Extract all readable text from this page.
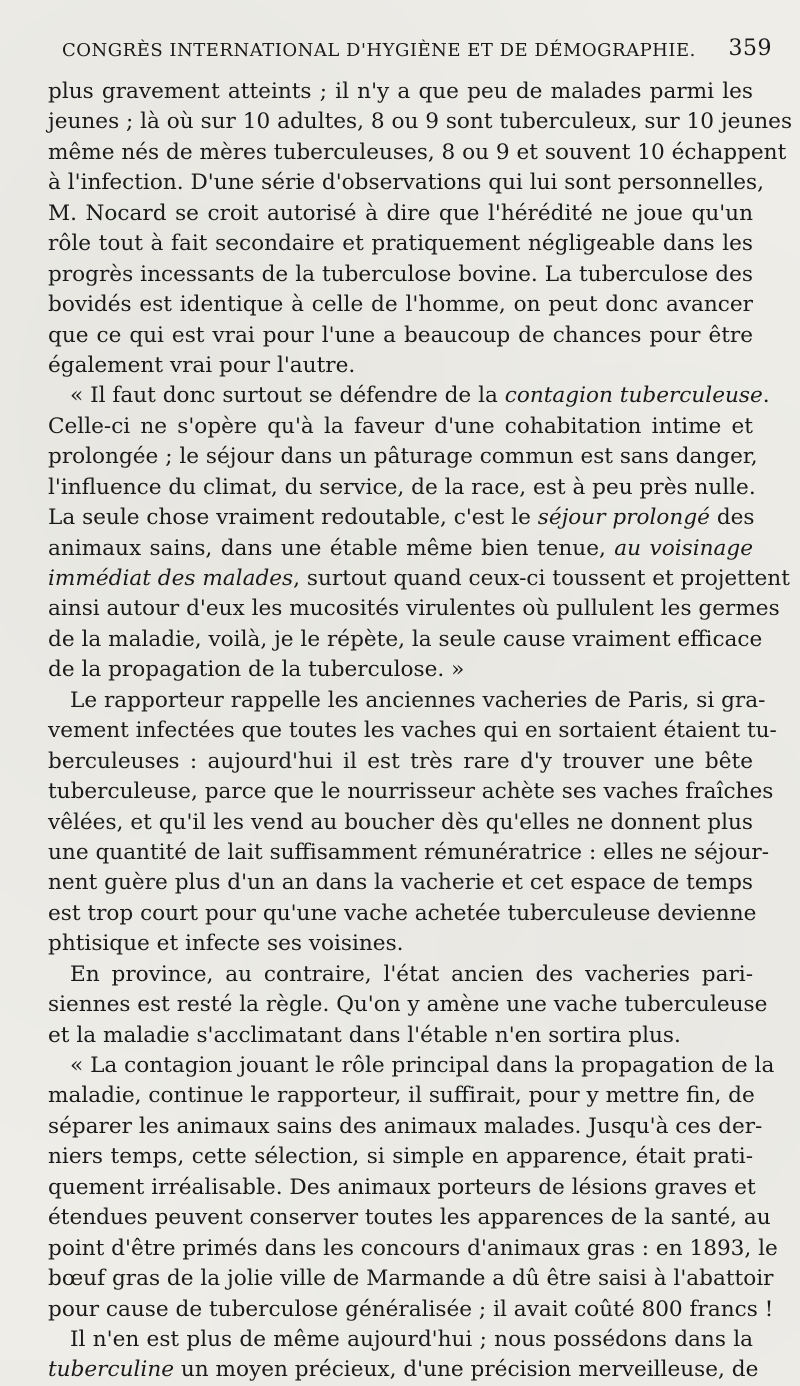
CONGRÈS INTERNATIONAL D'HYGIÈNE ET DE DÉMOGRAPHIE. 359
plus gravement atteints ; il n'y a que peu de malades parmi les
jeunes ; là où sur 10 adultes, 8 ou 9 sont tuberculeux, sur 10 jeunes
même nés de mères tuberculeuses, 8 ou 9 et souvent 10 échappent
à l'infection. D'une série d'observations qui lui sont personnelles,
M. Nocard se croit autorisé à dire que l'hérédité ne joue qu'un
rôle tout à fait secondaire et pratiquement négligeable dans les
progrès incessants de la tuberculose bovine. La tuberculose des
bovidés est identique à celle de l'homme, on peut donc avancer
que ce qui est vrai pour l'une a beaucoup de chances pour être
également vrai pour l'autre.
« Il faut donc surtout se défendre de la contagion tuberculeuse.
Celle-ci ne s'opère qu'à la faveur d'une cohabitation intime et
prolongée ; le séjour dans un pâturage commun est sans danger,
l'influence du climat, du service, de la race, est à peu près nulle.
La seule chose vraiment redoutable, c'est le séjour prolongé des
animaux sains, dans une étable même bien tenue, au voisinage
immédiat des malades, surtout quand ceux-ci toussent et projettent
ainsi autour d'eux les mucosités virulentes où pullulent les germes
de la maladie, voilà, je le répète, la seule cause vraiment efficace
de la propagation de la tuberculose. »
Le rapporteur rappelle les anciennes vacheries de Paris, si gra-
vement infectées que toutes les vaches qui en sortaient étaient tu-
berculeuses : aujourd'hui il est très rare d'y trouver une bête
tuberculeuse, parce que le nourrisseur achète ses vaches fraîches
vêlées, et qu'il les vend au boucher dès qu'elles ne donnent plus
une quantité de lait suffisamment rémunératrice : elles ne séjour-
nent guère plus d'un an dans la vacherie et cet espace de temps
est trop court pour qu'une vache achetée tuberculeuse devienne
phtisique et infecte ses voisines.
En province, au contraire, l'état ancien des vacheries pari-
siennes est resté la règle. Qu'on y amène une vache tuberculeuse
et la maladie s'acclimatant dans l'étable n'en sortira plus.
« La contagion jouant le rôle principal dans la propagation de la
maladie, continue le rapporteur, il suffirait, pour y mettre fin, de
séparer les animaux sains des animaux malades. Jusqu'à ces der-
niers temps, cette sélection, si simple en apparence, était prati-
quement irréalisable. Des animaux porteurs de lésions graves et
étendues peuvent conserver toutes les apparences de la santé, au
point d'être primés dans les concours d'animaux gras : en 1893, le
bœuf gras de la jolie ville de Marmande a dû être saisi à l'abattoir
pour cause de tuberculose généralisée ; il avait coûté 800 francs !
Il n'en est plus de même aujourd'hui ; nous possédons dans la
tuberculine un moyen précieux, d'une précision merveilleuse, de
